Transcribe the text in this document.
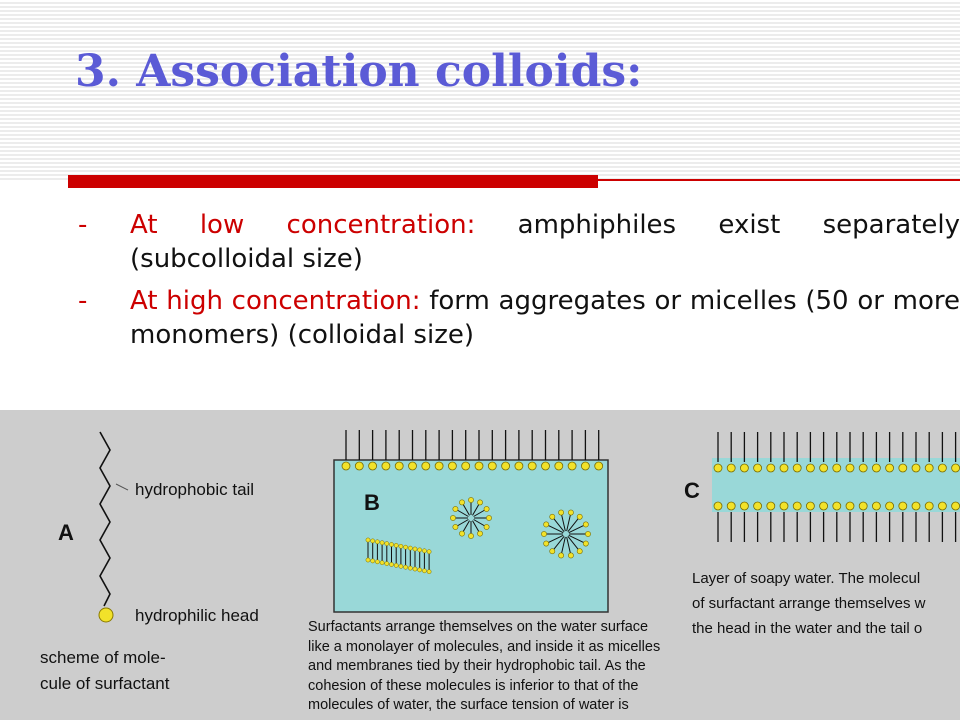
3. Association colloids:
- At low concentration: amphiphiles exist separately (subcolloidal size)
- At high concentration: form aggregates or micelles (50 or more monomers) (colloidal size)
A
hydrophobic tail
hydrophilic head
scheme of mole-
cule of surfactant
B
Surfactants arrange themselves on the water surface
like a monolayer of molecules, and inside it as micelles
and membranes tied by their hydrophobic tail. As the
cohesion of these molecules is inferior to that of the
molecules of water, the surface tension of water is
C
Layer of soapy water. The molecul
of surfactant arrange themselves w
the head in the water and the tail o
